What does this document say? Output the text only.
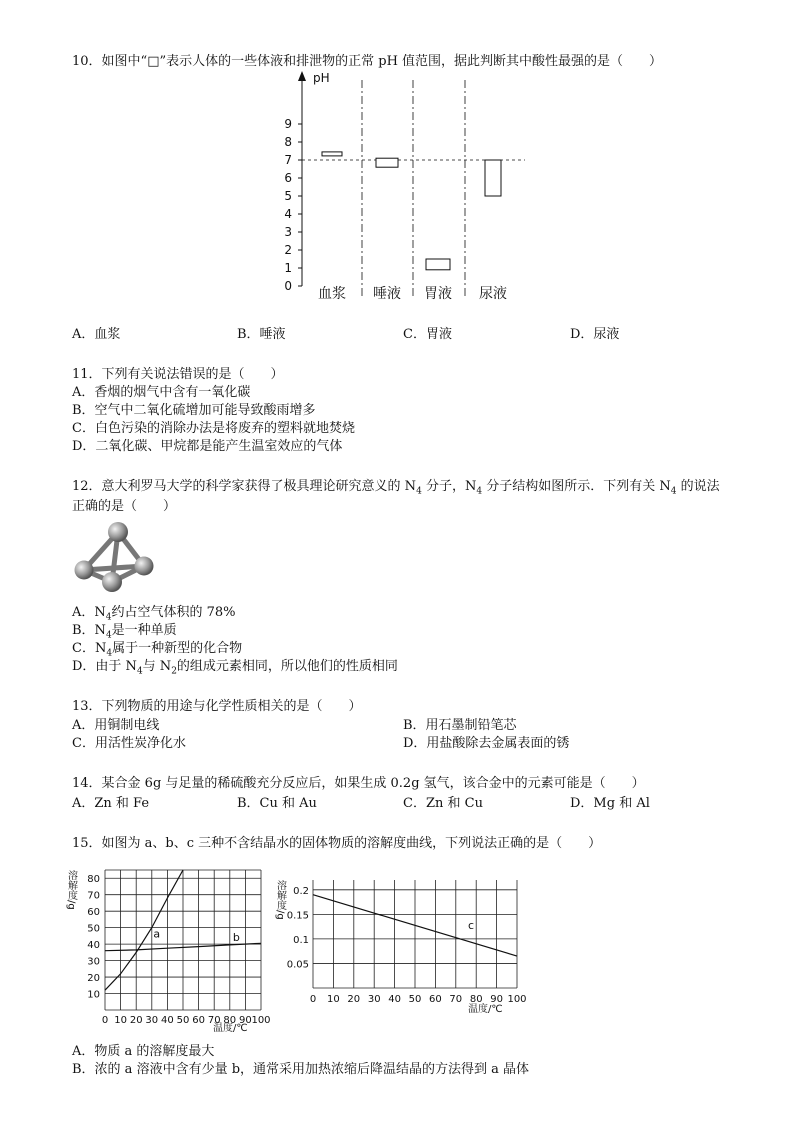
10．如图中“□”表示人体的一些体液和排泄物的正常 pH 值范围，据此判断其中酸性最强的是（　　）
pH
0
1
2
3
4
5
6
7
8
9
血浆 唾液 胃液 尿液
A．血浆	B．唾液	C．胃液	D．尿液
11．下列有关说法错误的是（　　）
A．香烟的烟气中含有一氧化碳
B．空气中二氧化硫增加可能导致酸雨增多
C．白色污染的消除办法是将废弃的塑料就地焚烧
D．二氧化碳、甲烷都是能产生温室效应的气体
12．意大利罗马大学的科学家获得了极具理论研究意义的 $N_4$ 分子，$N_4$ 分子结构如图所示．下列有关 $N_4$ 的说法
正确的是（　　）
A．$N_4$约占空气体积的 78%
B．$N_4$是一种单质
C．$N_4$属于一种新型的化合物
D．由于 $N_4$与 $N_2$的组成元素相同，所以他们的性质相同
13．下列物质的用途与化学性质相关的是（　　）
A．用铜制电线	B．用石墨制铅笔芯
C．用活性炭净化水	D．用盐酸除去金属表面的锈
14．某合金 6g 与足量的稀硫酸充分反应后，如果生成 0.2g 氢气，该合金中的元素可能是（　　）
A．Zn 和 Fe	B．Cu 和 Au	C．Zn 和 Cu	D．Mg 和 Al
15．如图为 a、b、c 三种不含结晶水的固体物质的溶解度曲线，下列说法正确的是（　　）
溶解度/g
10
20
30
40
50
60
70
80
0 10 20 30 40 50 60 70 80 90 100
a	b
温度/℃
溶解度/g
0.05
0.1
0.15
0.2
0 10 20 30 40 50 60 70 80 90 100
c
温度/℃
A．物质 a 的溶解度最大
B．浓的 a 溶液中含有少量 b，通常采用加热浓缩后降温结晶的方法得到 a 晶体
